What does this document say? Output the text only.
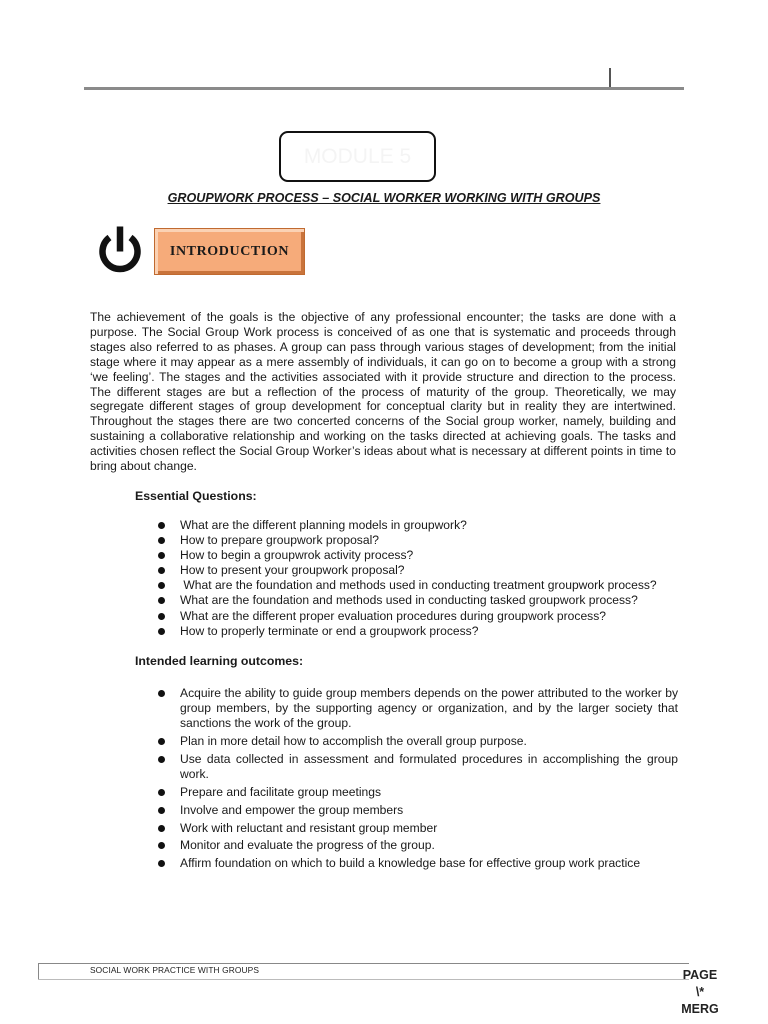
MODULE 5
GROUPWORK PROCESS – SOCIAL WORKER WORKING WITH GROUPS
INTRODUCTION

The achievement of the goals is the objective of any professional encounter; the tasks are done with a purpose. The Social Group Work process is conceived of as one that is systematic and proceeds through stages also referred to as phases. A group can pass through various stages of development; from the initial stage where it may appear as a mere assembly of individuals, it can go on to become a group with a strong ‘we feeling’. The stages and the activities associated with it provide structure and direction to the process. The different stages are but a reflection of the process of maturity of the group. Theoretically, we may segregate different stages of group development for conceptual clarity but in reality they are intertwined. Throughout the stages there are two concerted concerns of the Social group worker, namely, building and sustaining a collaborative relationship and working on the tasks directed at achieving goals. The tasks and activities chosen reflect the Social Group Worker’s ideas about what is necessary at different points in time to bring about change.

Essential Questions:
What are the different planning models in groupwork?
How to prepare groupwork proposal?
How to begin a groupwrok activity process?
How to present your groupwork proposal?
What are the foundation and methods used in conducting treatment groupwork process?
What are the foundation and methods used in conducting tasked groupwork process?
What are the different proper evaluation procedures during groupwork process?
How to properly terminate or end a groupwork process?
Intended learning outcomes:
Acquire the ability to guide group members depends on the power attributed to the worker by group members, by the supporting agency or organization, and by the larger society that sanctions the work of the group.
Plan in more detail how to accomplish the overall group purpose.
Use data collected in assessment and formulated procedures in accomplishing the group work.
Prepare and facilitate group meetings
Involve and empower the group members
Work with reluctant and resistant group member
Monitor and evaluate the progress of the group.
Affirm foundation on which to build a knowledge base for effective group work practice
SOCIAL WORK PRACTICE WITH GROUPS	PAGE
\*
MERG
